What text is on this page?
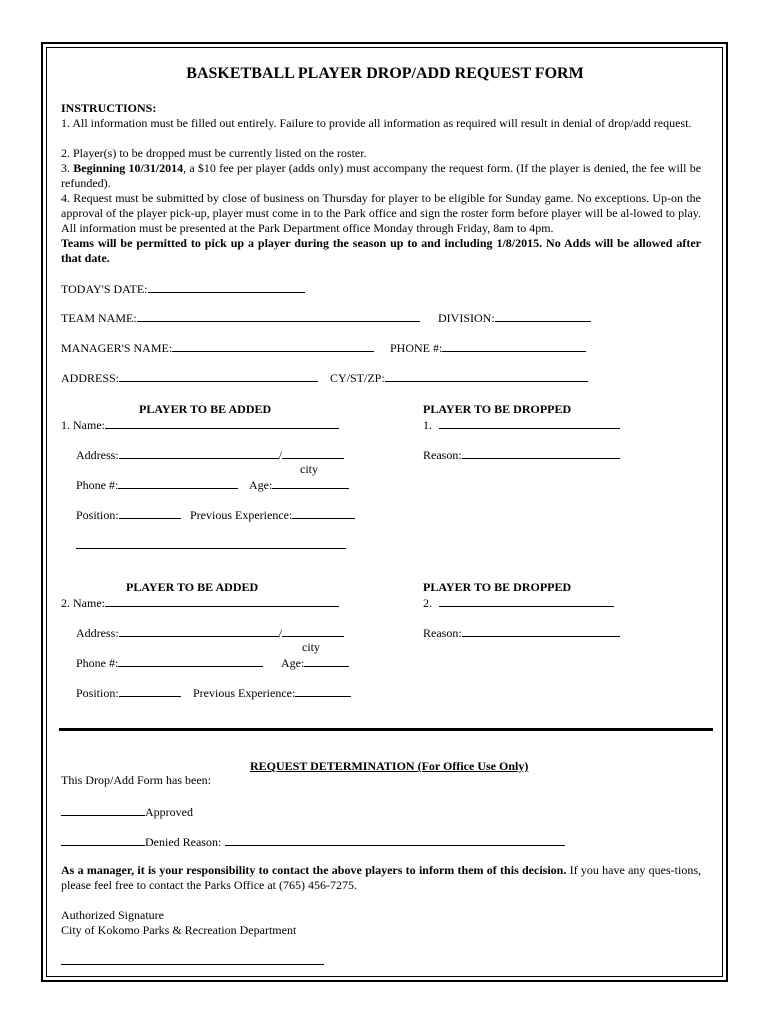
BASKETBALL PLAYER DROP/ADD REQUEST FORM
INSTRUCTIONS:
1. All information must be filled out entirely. Failure to provide all information as required will result in denial of drop/add request.
2. Player(s) to be dropped must be currently listed on the roster.
3. Beginning 10/31/2014, a $10 fee per player (adds only) must accompany the request form. (If the player is denied, the fee will be refunded).
4. Request must be submitted by close of business on Thursday for player to be eligible for Sunday game. No exceptions. Up-on the approval of the player pick-up, player must come in to the Park office and sign the roster form before player will be al-lowed to play. All information must be presented at the Park Department office Monday through Friday, 8am to 4pm.
Teams will be permitted to pick up a player during the season up to and including 1/8/2015. No Adds will be allowed after that date.
TODAY'S DATE:
TEAM NAME:	DIVISION:
MANAGER'S NAME:	PHONE #:
ADDRESS:	CY/ST/ZP:
PLAYER TO BE ADDED	PLAYER TO BE DROPPED
1. Name:	1.
Address:	/	Reason:
city
Phone #:	Age:
Position:	Previous Experience:
PLAYER TO BE ADDED	PLAYER TO BE DROPPED
2. Name:	2.
Address:	/	Reason:
city
Phone #:	Age:
Position:	Previous Experience:
REQUEST DETERMINATION (For Office Use Only)
This Drop/Add Form has been:
Approved
Denied Reason:
As a manager, it is your responsibility to contact the above players to inform them of this decision. If you have any ques-tions, please feel free to contact the Parks Office at (765) 456-7275.
Authorized Signature
City of Kokomo Parks & Recreation Department
